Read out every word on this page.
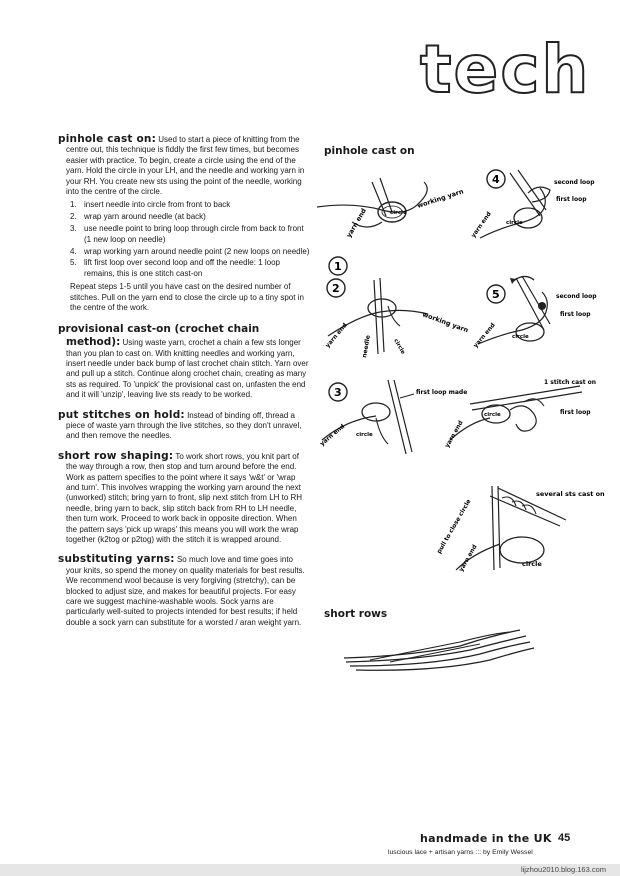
tech
pinhole cast on: Used to start a piece of knitting from the centre out, this technique is fiddly the first few times, but becomes easier with practice. To begin, create a circle using the end of the yarn. Hold the circle in your LH, and the needle and working yarn in your RH. You create new sts using the point of the needle, working into the centre of the circle.
1. insert needle into circle from front to back
2. wrap yarn around needle (at back)
3. use needle point to bring loop through circle from back to front (1 new loop on needle)
4. wrap working yarn around needle point (2 new loops on needle)
5. lift first loop over second loop and off the needle: 1 loop remains, this is one stitch cast-on

Repeat steps 1-5 until you have cast on the desired number of stitches. Pull on the yarn end to close the circle up to a tiny spot in the centre of the work.

provisional cast-on (crochet chain method): Using waste yarn, crochet a chain a few sts longer than you plan to cast on. With knitting needles and working yarn, insert needle under back bump of last crochet chain stitch. Yarn over and pull up a stitch. Continue along crochet chain, creating as many sts as required. To 'unpick' the provisional cast on, unfasten the end and it will 'unzip', leaving live sts ready to be worked.
put stitches on hold: Instead of binding off, thread a piece of waste yarn through the live stitches, so they don't unravel, and then remove the needles.
short row shaping: To work short rows, you knit part of the way through a row, then stop and turn around before the end. Work as pattern specifies to the point where it says 'w&t' or 'wrap and turn'. This involves wrapping the working yarn around the next (unworked) stitch; bring yarn to front, slip next stitch from LH to RH needle, bring yarn to back, slip stitch back from RH to LH needle, then turn work. Proceed to work back in opposite direction. When the pattern says 'pick up wraps' this means you will work the wrap together (k2tog or p2tog) with the stitch it is wrapped around.
substituting yarns: So much love and time goes into your knits, so spend the money on quality materials for best results. We recommend wool because is very forgiving (stretchy), can be blocked to adjust size, and makes for beautiful projects. For easy care we suggest machine-washable wools. Sock yarns are particularly well-suited to projects intended for best results; if held double a sock yarn can substitute for a worsted / aran weight yarn.
pinhole cast on
short rows
working yarn
yarn end	circle
4	second loop
first loop
yarn end circle
1
2
working yarn
yarn end needle	circle
5	second loop
first loop
yarn end	circle
3	first loop made
yarn end circle
1 stitch cast on
first loop
yarn end
circle
several sts cast on
pull to close circle
yarn end	circle
handmade in the UK 45
luscious lace + artisan yarns ::: by Emily Wessel
lijzhou2010.blog.163.com
